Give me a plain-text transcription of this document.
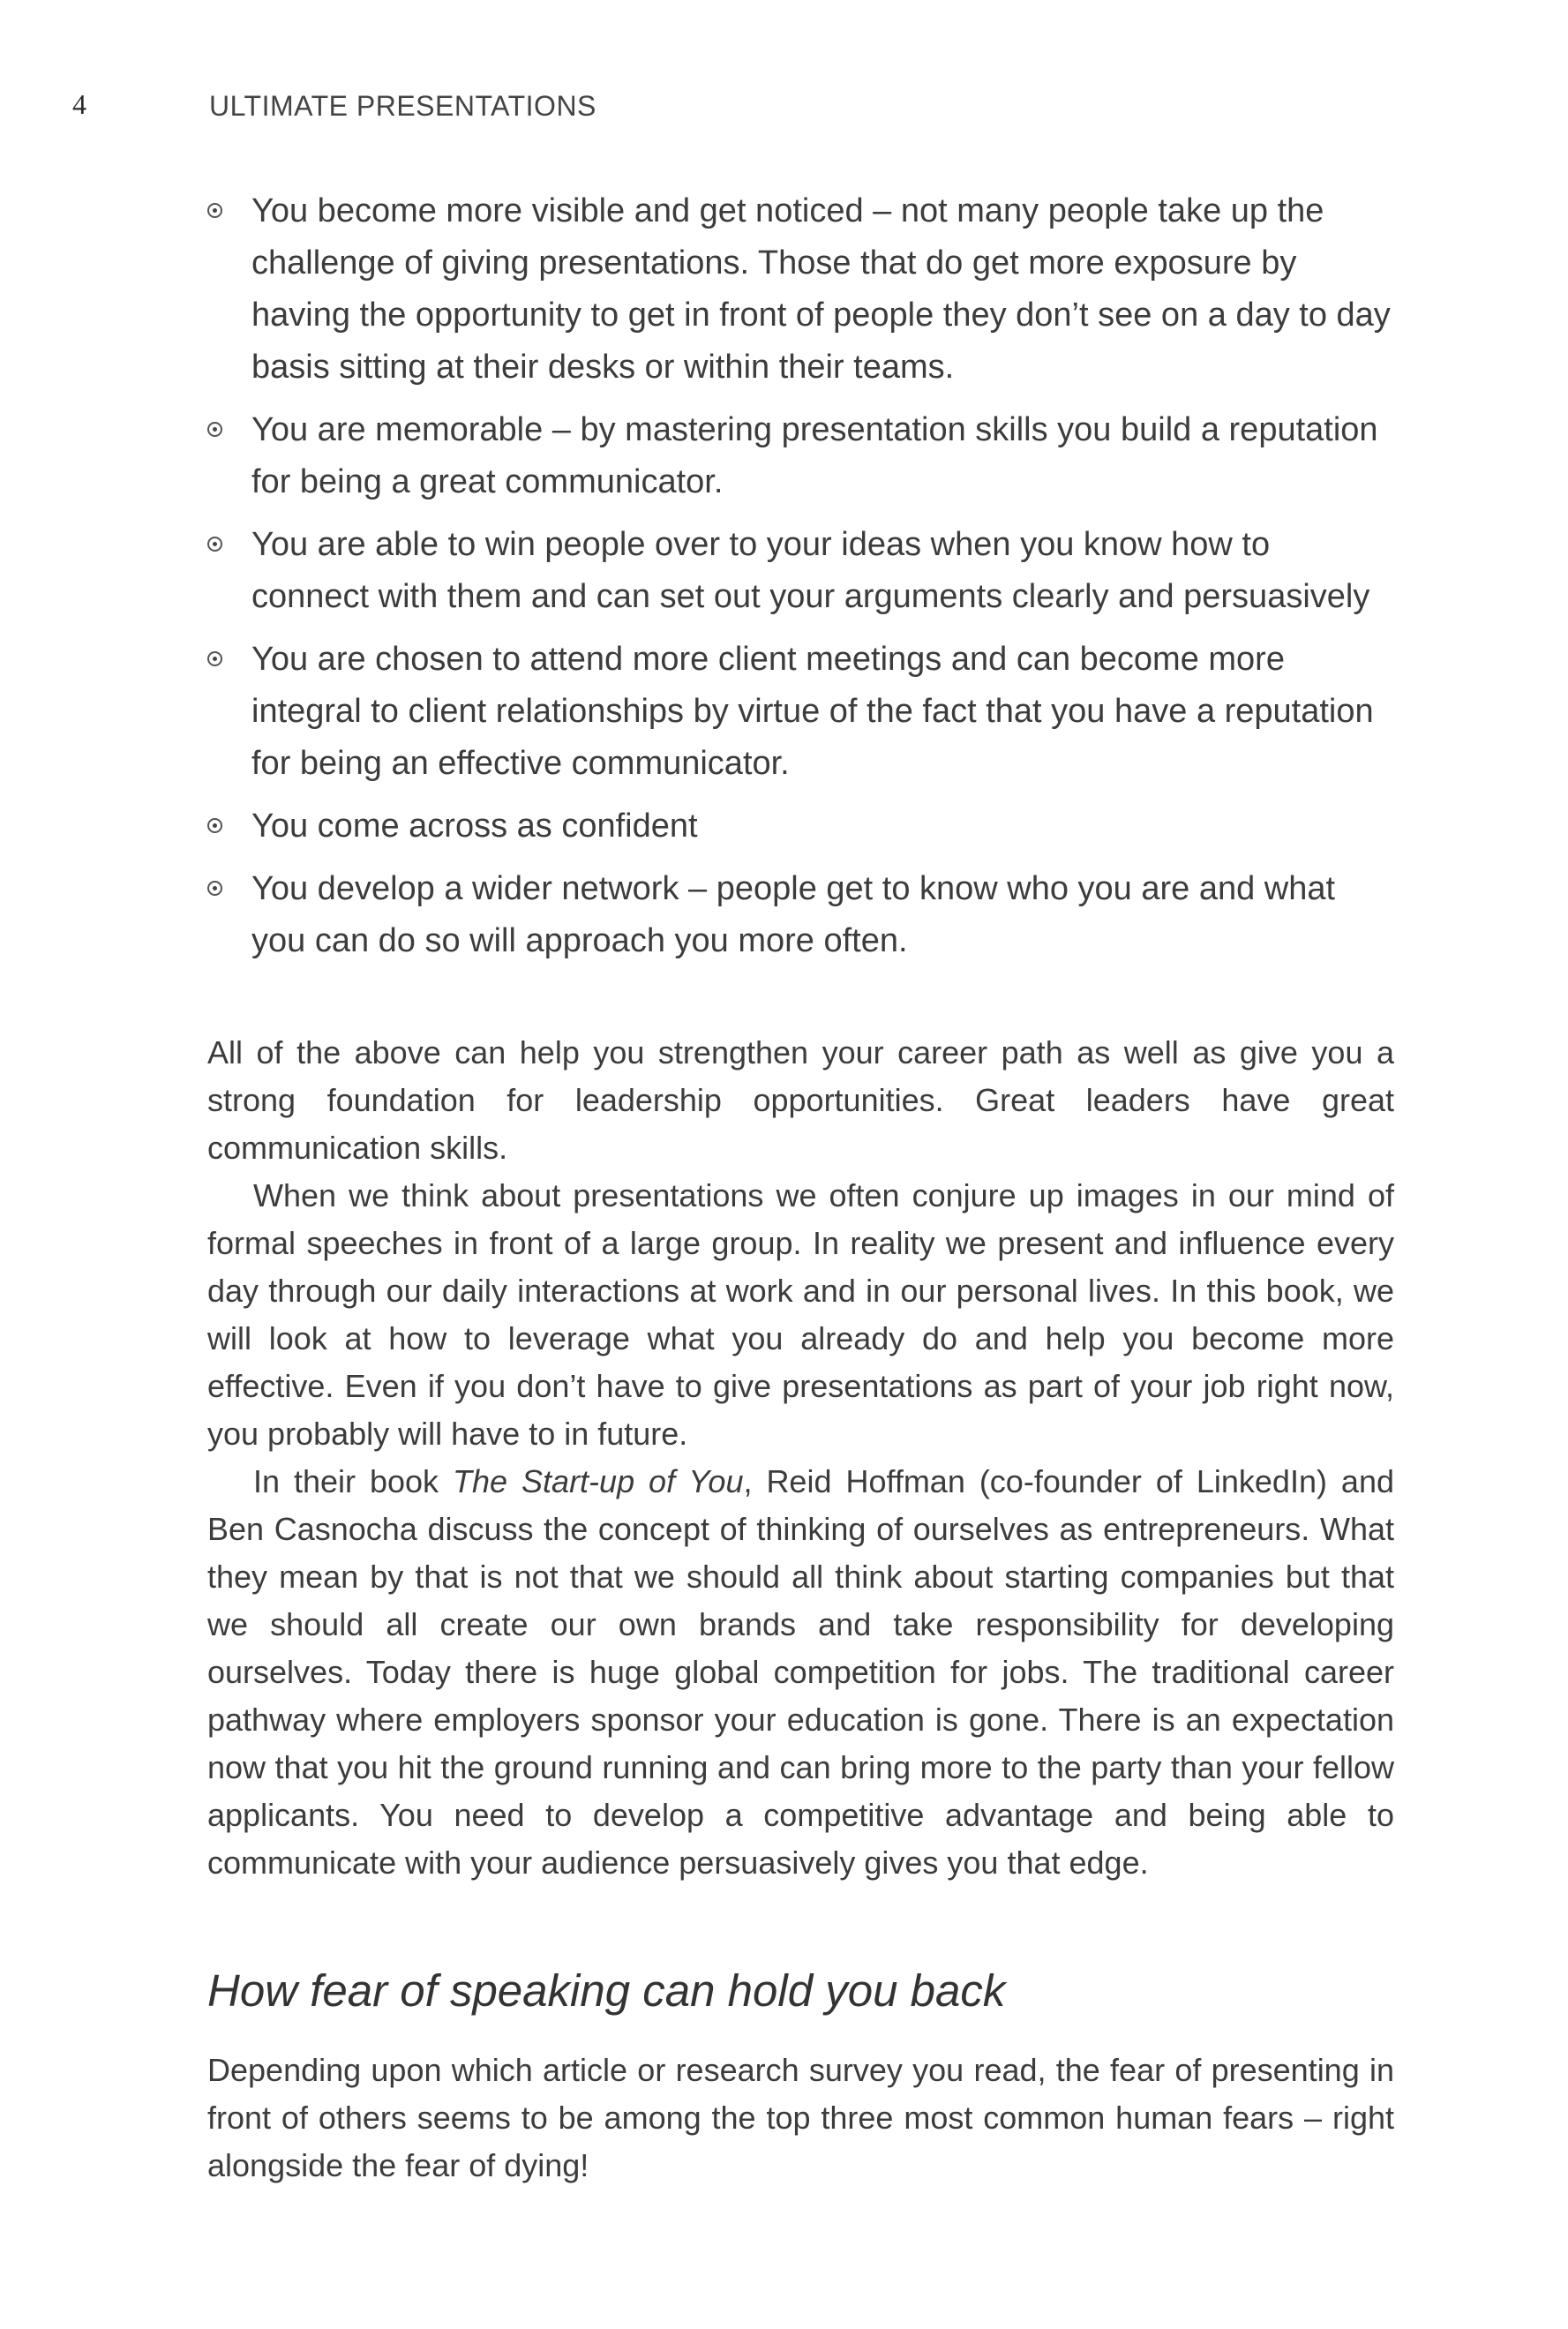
4	ULTIMATE PRESENTATIONS
You become more visible and get noticed – not many people take up the challenge of giving presentations. Those that do get more exposure by having the opportunity to get in front of people they don’t see on a day to day basis sitting at their desks or within their teams.
You are memorable – by mastering presentation skills you build a reputation for being a great communicator.
You are able to win people over to your ideas when you know how to connect with them and can set out your arguments clearly and persuasively
You are chosen to attend more client meetings and can become more integral to client relationships by virtue of the fact that you have a reputation for being an effective communicator.
You come across as confident
You develop a wider network – people get to know who you are and what you can do so will approach you more often.

All of the above can help you strengthen your career path as well as give you a strong foundation for leadership opportunities. Great leaders have great communication skills.

When we think about presentations we often conjure up images in our mind of formal speeches in front of a large group. In reality we present and influence every day through our daily interactions at work and in our personal lives. In this book, we will look at how to leverage what you already do and help you become more effective. Even if you don’t have to give presentations as part of your job right now, you probably will have to in future.

In their book The Start-up of You, Reid Hoffman (co-founder of LinkedIn) and Ben Casnocha discuss the concept of thinking of ourselves as entrepreneurs. What they mean by that is not that we should all think about starting companies but that we should all create our own brands and take responsibility for developing ourselves. Today there is huge global competition for jobs. The traditional career pathway where employers sponsor your education is gone. There is an expectation now that you hit the ground running and can bring more to the party than your fellow applicants. You need to develop a competitive advantage and being able to communicate with your audience persuasively gives you that edge.

How fear of speaking can hold you back

Depending upon which article or research survey you read, the fear of presenting in front of others seems to be among the top three most common human fears – right alongside the fear of dying!
